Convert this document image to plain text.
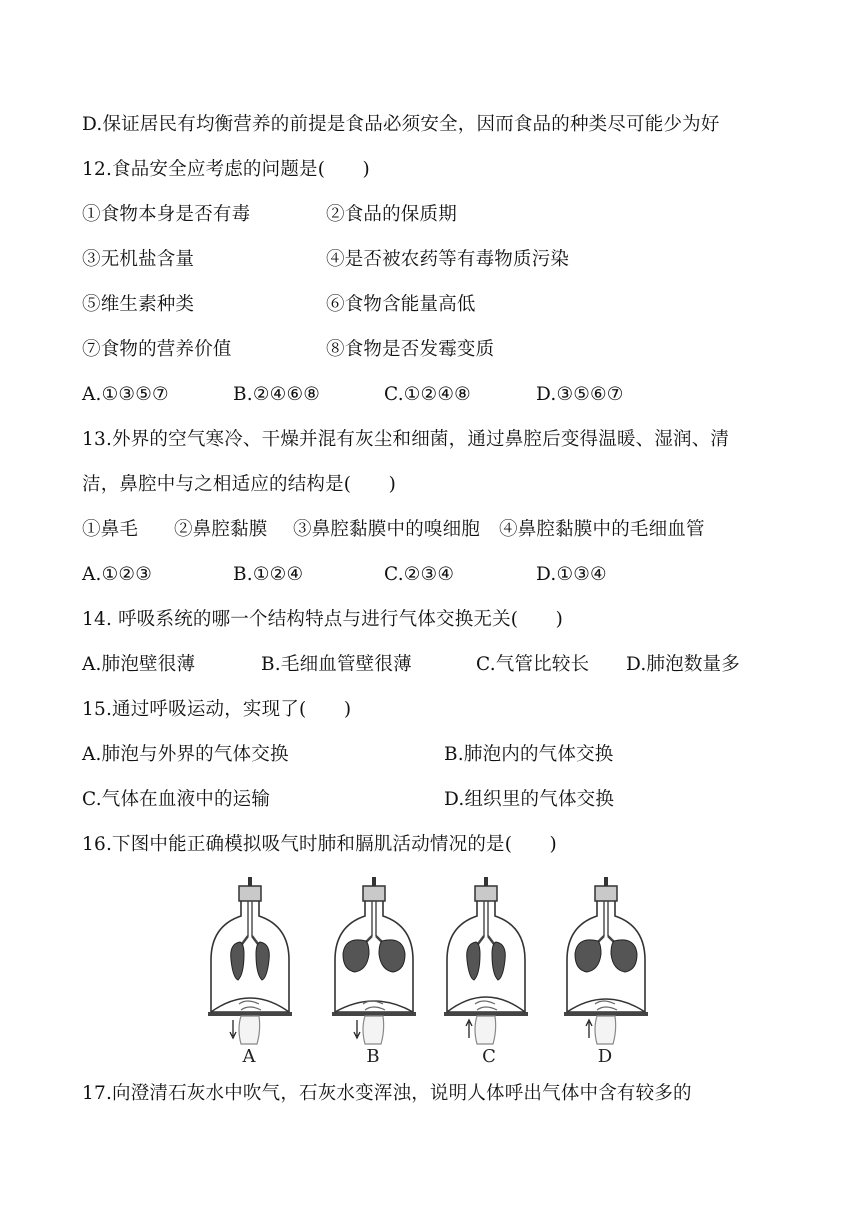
D.保证居民有均衡营养的前提是食品必须安全，因而食品的种类尽可能少为好
12.食品安全应考虑的问题是(　　)
①食物本身是否有毒	②食品的保质期
③无机盐含量	④是否被农药等有毒物质污染
⑤维生素种类	⑥食物含能量高低
⑦食物的营养价值	⑧食物是否发霉变质
A.①③⑤⑦	B.②④⑥⑧	C.①②④⑧	D.③⑤⑥⑦
13.外界的空气寒冷、干燥并混有灰尘和细菌，通过鼻腔后变得温暖、湿润、清
洁，鼻腔中与之相适应的结构是(　　)
①鼻毛 ②鼻腔黏膜 ③鼻腔黏膜中的嗅细胞 ④鼻腔黏膜中的毛细血管
A.①②③	B.①②④	C.②③④	D.①③④
14. 呼吸系统的哪一个结构特点与进行气体交换无关(　　)
A.肺泡壁很薄	B.毛细血管壁很薄	C.气管比较长 D.肺泡数量多
15.通过呼吸运动，实现了(　　)
A.肺泡与外界的气体交换	B.肺泡内的气体交换
C.气体在血液中的运输	D.组织里的气体交换
16.下图中能正确模拟吸气时肺和膈肌活动情况的是(　　)
A	B	C	D
17.向澄清石灰水中吹气，石灰水变浑浊，说明人体呼出气体中含有较多的
